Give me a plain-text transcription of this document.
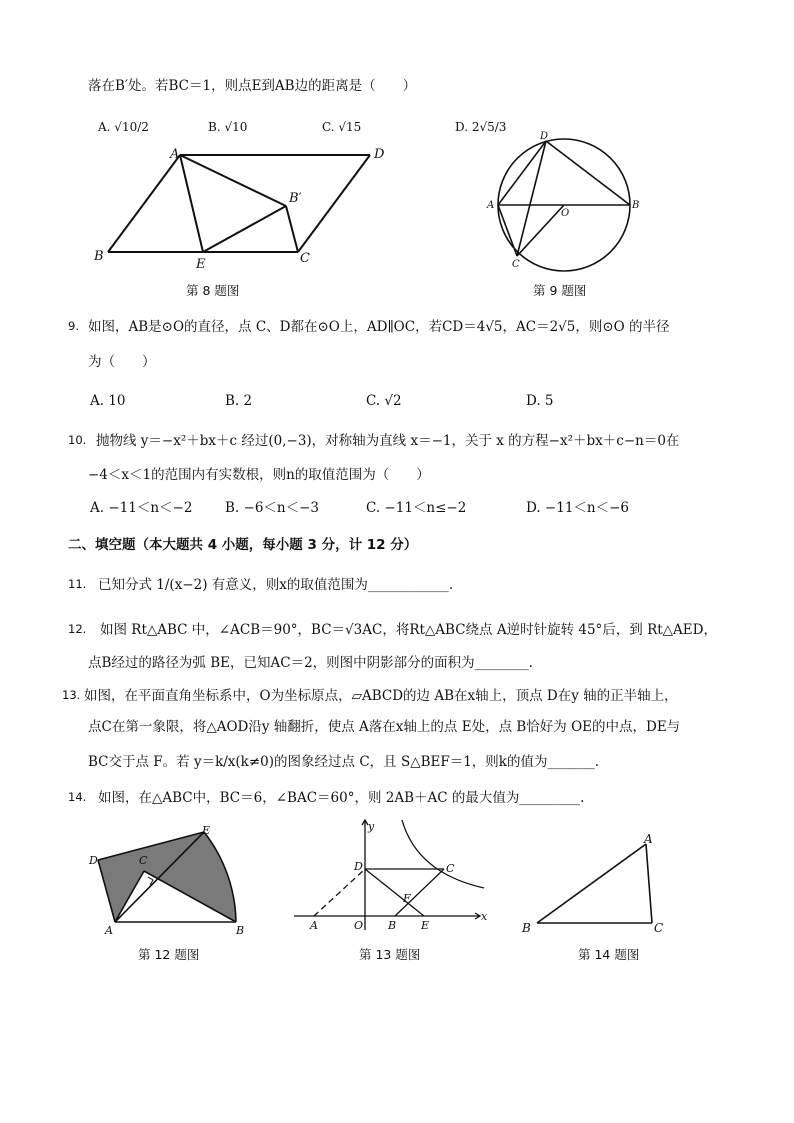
落在B′处。若BC＝1，则点E到AB边的距离是（　　）
A. √10/2	B. √10	C. √15	D. 2√5/3
A	D
B′
B
E	C
第 8 题图
D
A
O
B
C
第 9 题图
9. 如图，AB是⊙O的直径，点 C、D都在⊙O上，AD∥OC，若CD＝4√5，AC＝2√5，则⊙O 的半径
为（　　）
A. 10	B. 2	C. √2	D. 5
10. 抛物线 y＝−x²＋bx＋c 经过(0,−3)，对称轴为直线 x＝−1，关于 x 的方程−x²＋bx＋c−n＝0在
−4＜x＜1的范围内有实数根，则n的取值范围为（　　）
A. −11＜n＜−2 B. −6＜n＜−3	C. −11＜n≤−2	D. −11＜n＜−6
二、填空题（本大题共 4 小题，每小题 3 分，计 12 分）
11. 已知分式 1/(x−2) 有意义，则x的取值范围为____________.
12. 如图 Rt△ABC 中，∠ACB＝90°，BC＝√3AC，将Rt△ABC绕点 A逆时针旋转 45°后，到 Rt△AED，
点B经过的路径为弧 BE，已知AC＝2，则图中阴影部分的面积为________.
13. 如图，在平面直角坐标系中，O为坐标原点，▱ABCD的边 AB在x轴上，顶点 D在y 轴的正半轴上，
点C在第一象限，将△AOD沿y 轴翻折，使点 A落在x轴上的点 E处，点 B恰好为 OE的中点，DE与
BC交于点 F。若 y＝k/x(k≠0)的图象经过点 C，且 S△BEF＝1，则k的值为_______.
14. 如图，在△ABC中，BC＝6，∠BAC＝60°，则 2AB＋AC 的最大值为_________.
E
D	C
A	B
第 12 题图
y
D	C
F
A	O B E
x
第 13 题图
A
B	C
第 14 题图
